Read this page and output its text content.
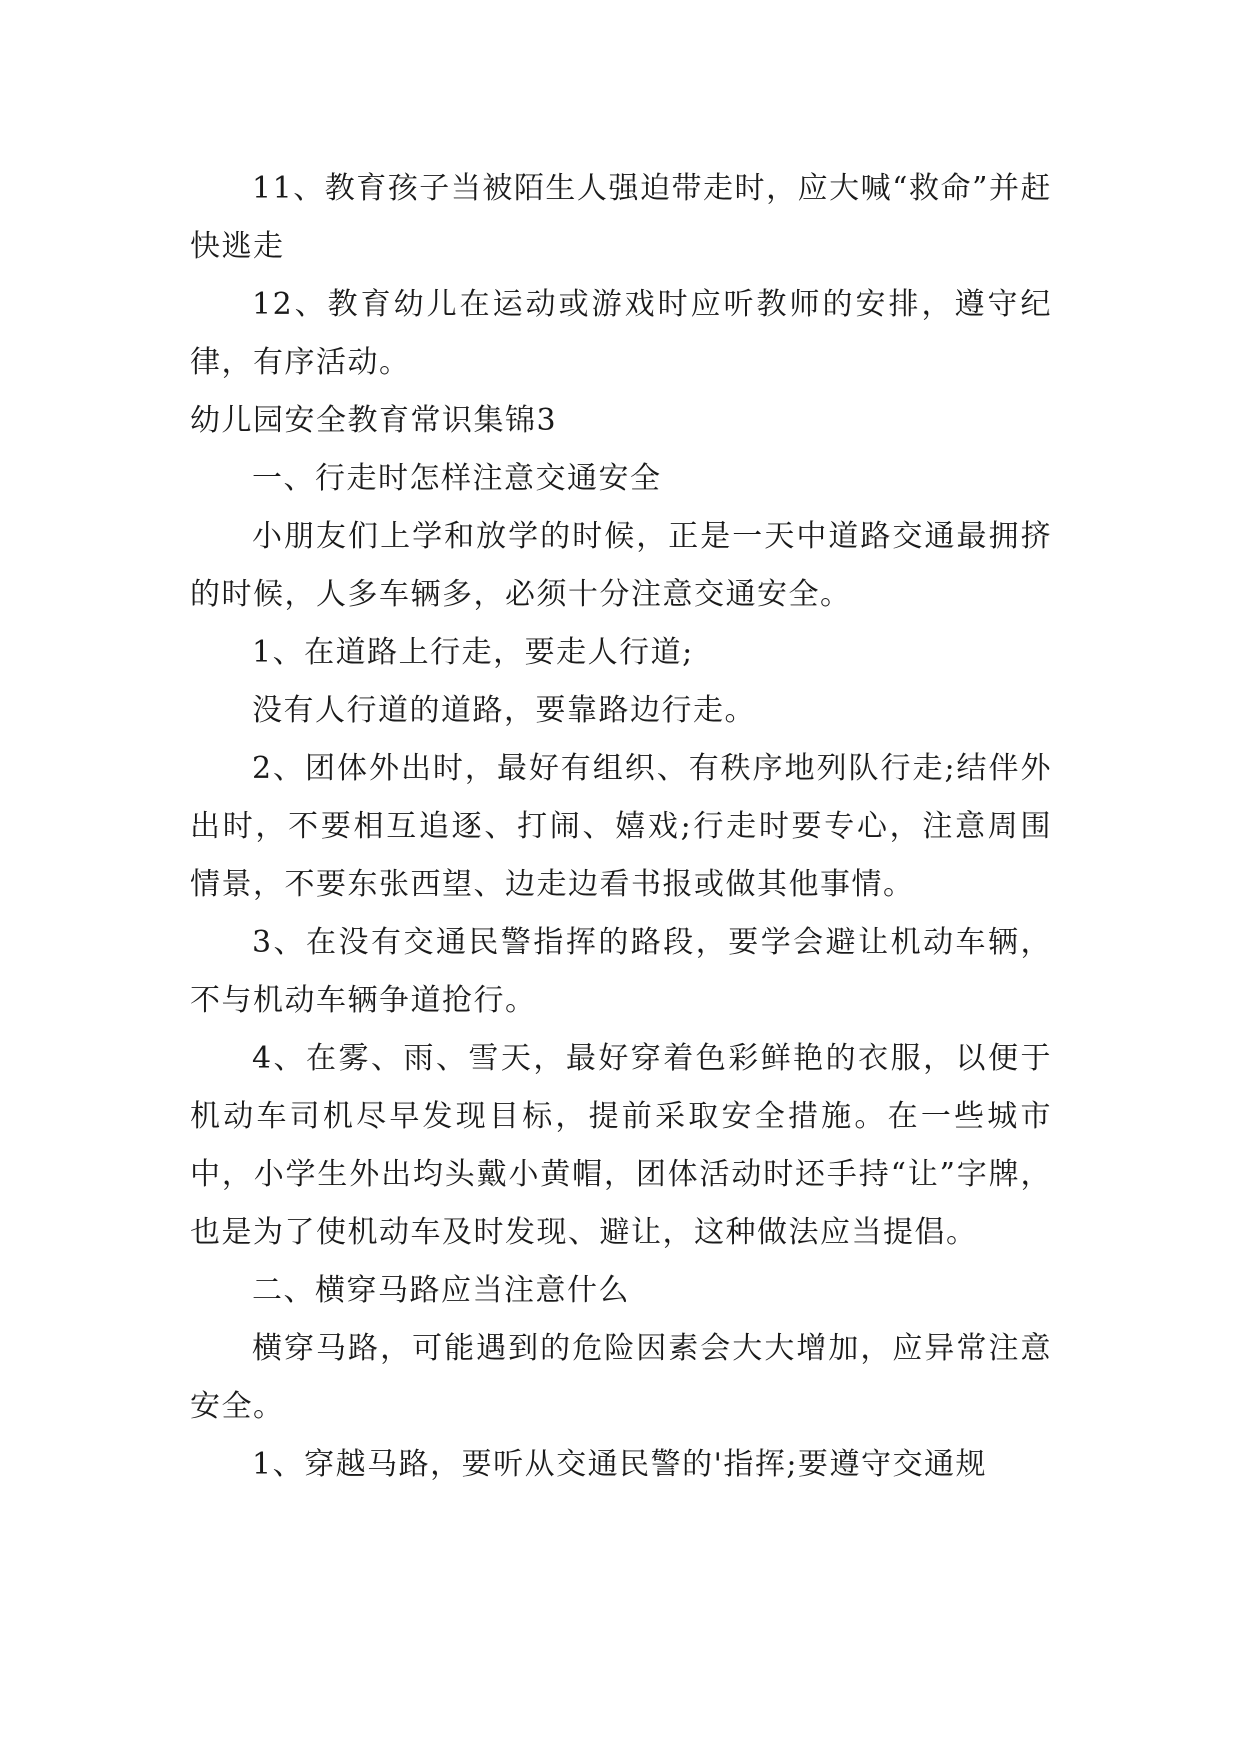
11、教育孩子当被陌生人强迫带走时，应大喊“救命”并赶快逃走

12、教育幼儿在运动或游戏时应听教师的安排，遵守纪律，有序活动。

幼儿园安全教育常识集锦3

一、行走时怎样注意交通安全

小朋友们上学和放学的时候，正是一天中道路交通最拥挤的时候，人多车辆多，必须十分注意交通安全。

1、在道路上行走，要走人行道;

没有人行道的道路，要靠路边行走。

2、团体外出时，最好有组织、有秩序地列队行走;结伴外出时，不要相互追逐、打闹、嬉戏;行走时要专心，注意周围情景，不要东张西望、边走边看书报或做其他事情。

3、在没有交通民警指挥的路段，要学会避让机动车辆，不与机动车辆争道抢行。

4、在雾、雨、雪天，最好穿着色彩鲜艳的衣服，以便于机动车司机尽早发现目标，提前采取安全措施。在一些城市中，小学生外出均头戴小黄帽，团体活动时还手持“让”字牌，也是为了使机动车及时发现、避让，这种做法应当提倡。

二、横穿马路应当注意什么

横穿马路，可能遇到的危险因素会大大增加，应异常注意安全。

1、穿越马路，要听从交通民警的'指挥;要遵守交通规
